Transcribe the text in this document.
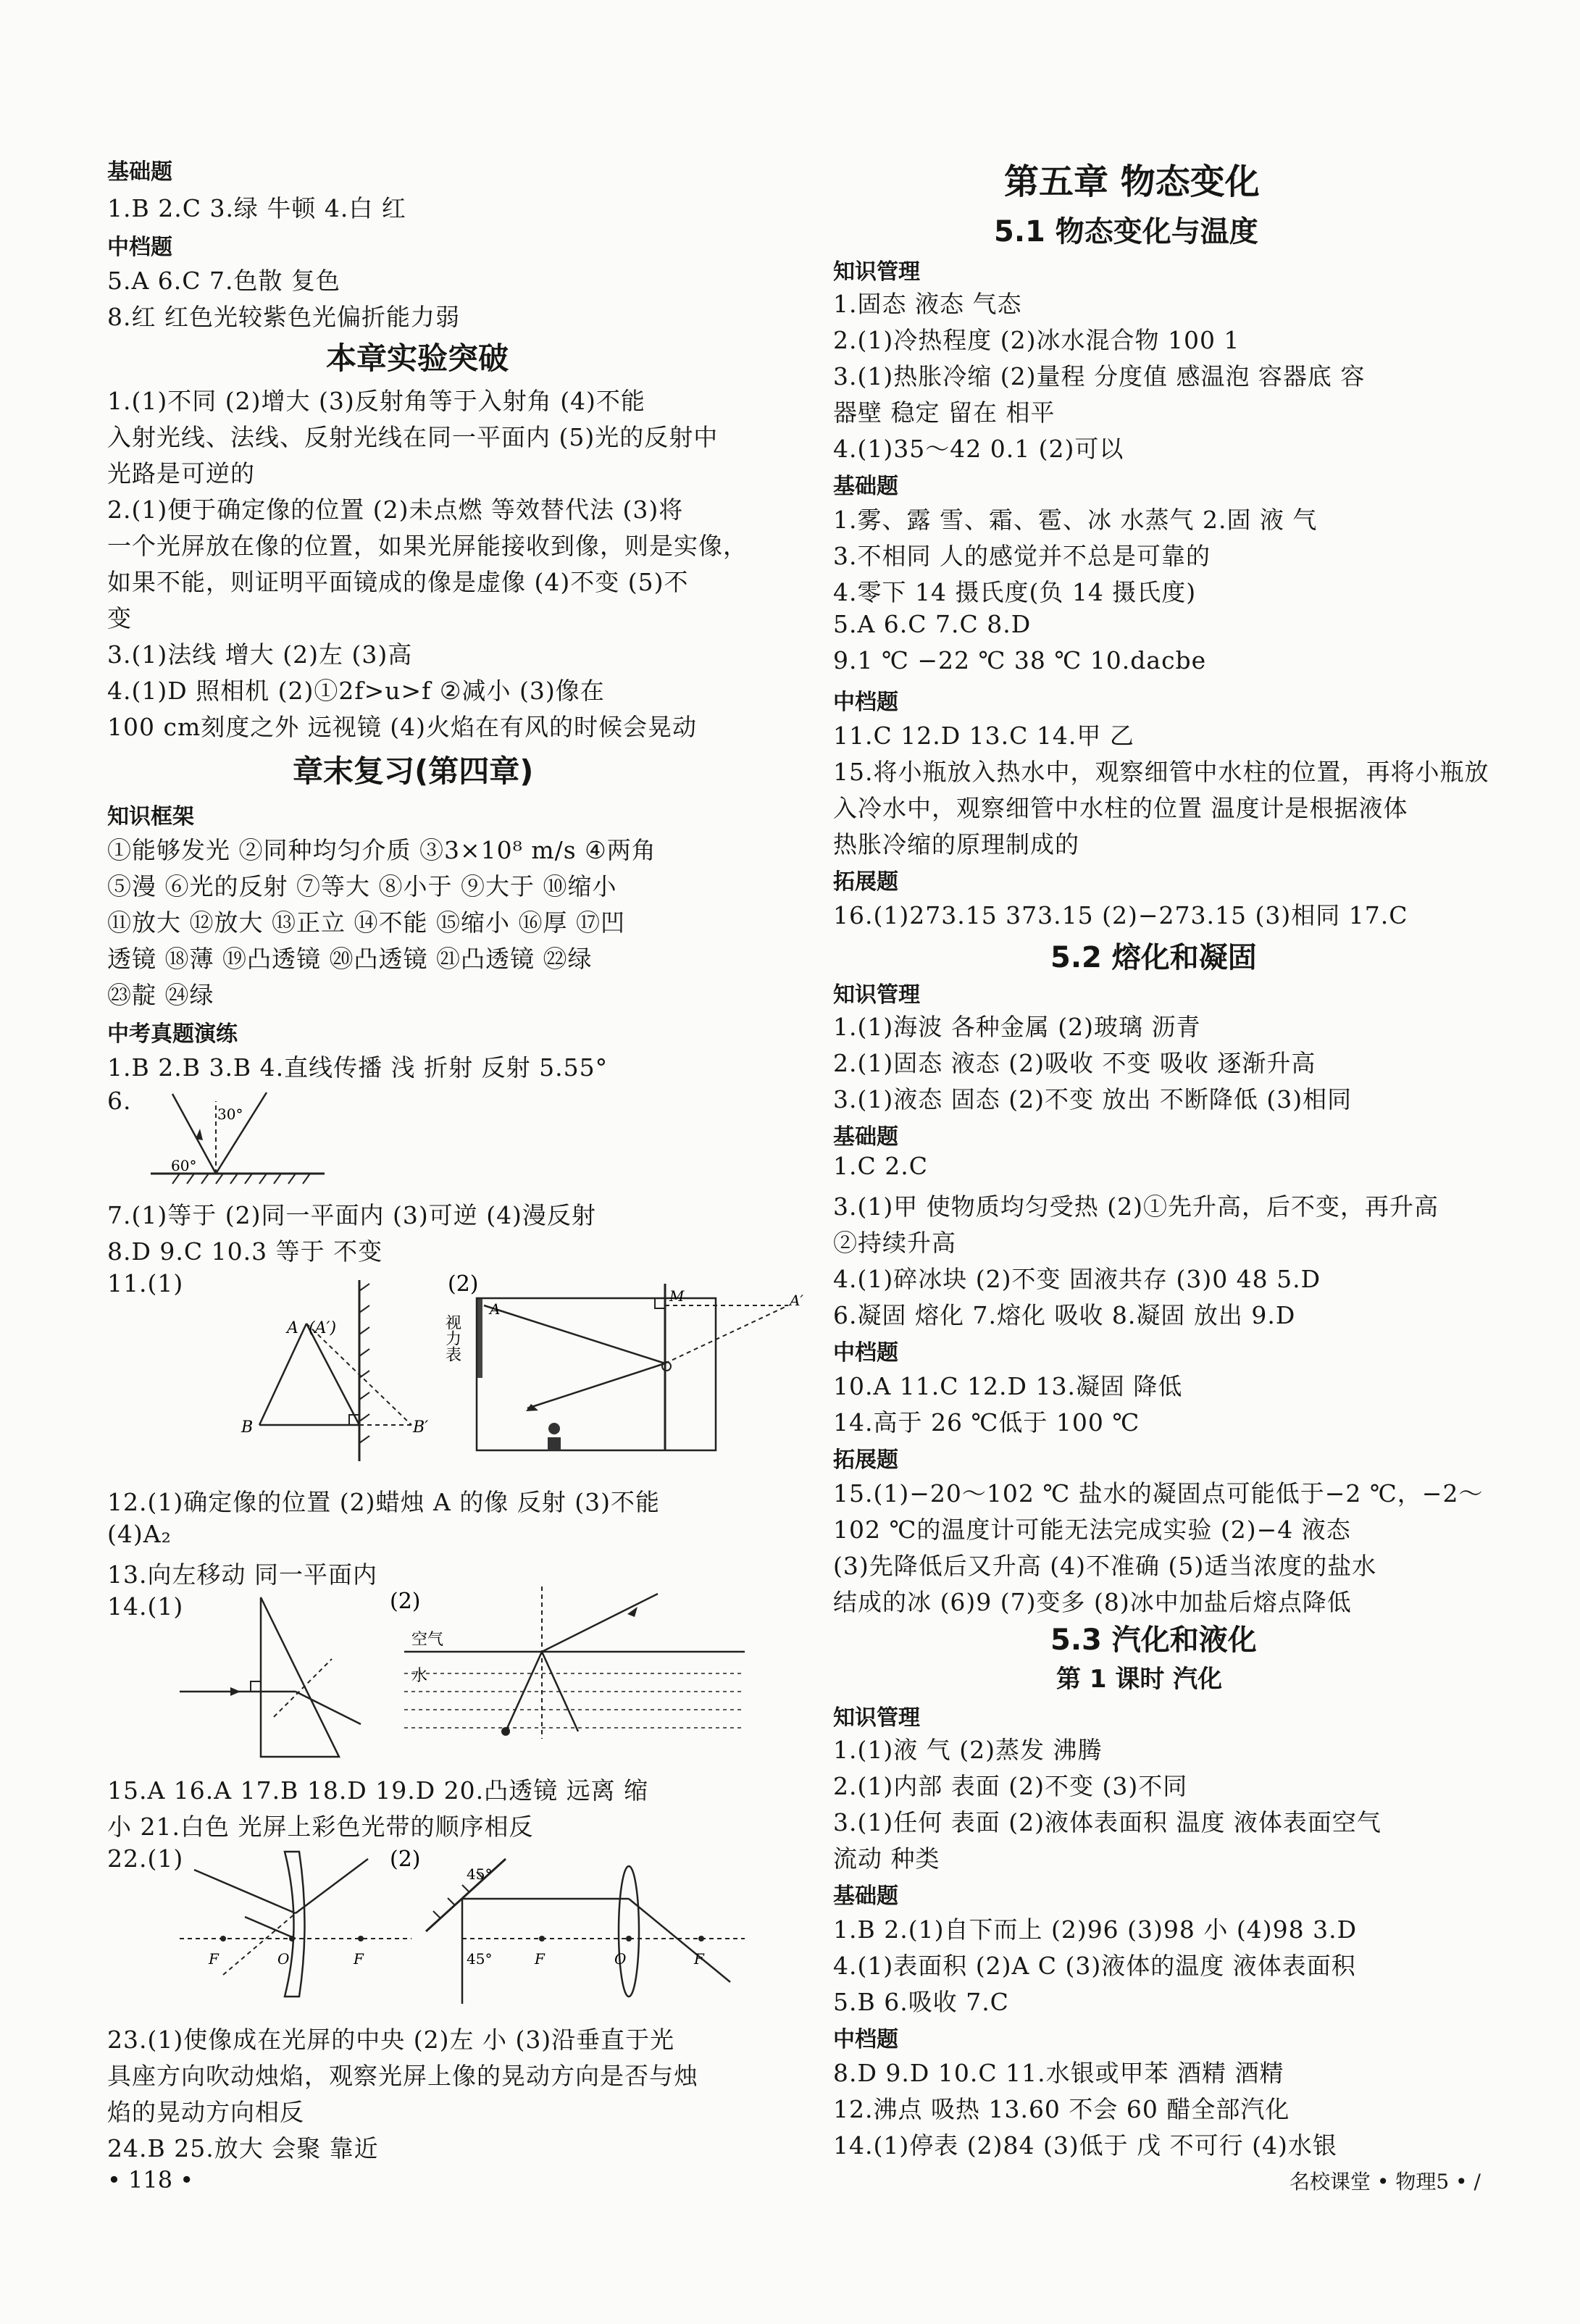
基础题
1.B 2.C 3.绿 牛顿 4.白 红
中档题
5.A 6.C 7.色散 复色
8.红 红色光较紫色光偏折能力弱
本章实验突破
1.(1)不同 (2)增大 (3)反射角等于入射角 (4)不能
入射光线、法线、反射光线在同一平面内 (5)光的反射中
光路是可逆的
2.(1)便于确定像的位置 (2)未点燃 等效替代法 (3)将
一个光屏放在像的位置，如果光屏能接收到像，则是实像，
如果不能，则证明平面镜成的像是虚像 (4)不变 (5)不
变
3.(1)法线 增大 (2)左 (3)高
4.(1)D 照相机 (2)①2f>u>f ②减小 (3)像在
100 cm刻度之外 远视镜 (4)火焰在有风的时候会晃动
章末复习(第四章)
知识框架
①能够发光 ②同种均匀介质 ③3×10⁸ m/s ④两角
⑤漫 ⑥光的反射 ⑦等大 ⑧小于 ⑨大于 ⑩缩小
⑪放大 ⑫放大 ⑬正立 ⑭不能 ⑮缩小 ⑯厚 ⑰凹
透镜 ⑱薄 ⑲凸透镜 ⑳凸透镜 ㉑凸透镜 ㉒绿
㉓靛 ㉔绿
中考真题演练
1.B 2.B 3.B 4.直线传播 浅 折射 反射 5.55°
6.	30°
60°
7.(1)等于 (2)同一平面内 (3)可逆 (4)漫反射
8.D 9.C 10.3 等于 不变
11.(1)
A (A′)
B	B′
(2)
A
M	A′
视力表
12.(1)确定像的位置 (2)蜡烛 A 的像 反射 (3)不能
(4)A₂
13.向左移动 同一平面内
14.(1)	(2)
空气
水
15.A 16.A 17.B 18.D 19.D 20.凸透镜 远离 缩
小 21.白色 光屏上彩色光带的顺序相反
22.(1)
F	O	F
(2)
45°
45°	F	O	F
23.(1)使像成在光屏的中央 (2)左 小 (3)沿垂直于光
具座方向吹动烛焰，观察光屏上像的晃动方向是否与烛
焰的晃动方向相反
24.B 25.放大 会聚 靠近
• 118 •
第五章 物态变化
5.1 物态变化与温度
知识管理
1.固态 液态 气态
2.(1)冷热程度 (2)冰水混合物 100 1
3.(1)热胀冷缩 (2)量程 分度值 感温泡 容器底 容
器壁 稳定 留在 相平
4.(1)35～42 0.1 (2)可以
基础题
1.雾、露 雪、霜、雹、冰 水蒸气 2.固 液 气
3.不相同 人的感觉并不总是可靠的
4.零下 14 摄氏度(负 14 摄氏度)
5.A 6.C 7.C 8.D
9.1 ℃ −22 ℃ 38 ℃ 10.dacbe
中档题
11.C 12.D 13.C 14.甲 乙
15.将小瓶放入热水中，观察细管中水柱的位置，再将小瓶放
入冷水中，观察细管中水柱的位置 温度计是根据液体
热胀冷缩的原理制成的
拓展题
16.(1)273.15 373.15 (2)−273.15 (3)相同 17.C
5.2 熔化和凝固
知识管理
1.(1)海波 各种金属 (2)玻璃 沥青
2.(1)固态 液态 (2)吸收 不变 吸收 逐渐升高
3.(1)液态 固态 (2)不变 放出 不断降低 (3)相同
基础题
1.C 2.C
3.(1)甲 使物质均匀受热 (2)①先升高，后不变，再升高
②持续升高
4.(1)碎冰块 (2)不变 固液共存 (3)0 48 5.D
6.凝固 熔化 7.熔化 吸收 8.凝固 放出 9.D
中档题
10.A 11.C 12.D 13.凝固 降低
14.高于 26 ℃低于 100 ℃
拓展题
15.(1)−20～102 ℃ 盐水的凝固点可能低于−2 ℃，−2～
102 ℃的温度计可能无法完成实验 (2)−4 液态
(3)先降低后又升高 (4)不准确 (5)适当浓度的盐水
结成的冰 (6)9 (7)变多 (8)冰中加盐后熔点降低
5.3 汽化和液化
第 1 课时 汽化
知识管理
1.(1)液 气 (2)蒸发 沸腾
2.(1)内部 表面 (2)不变 (3)不同
3.(1)任何 表面 (2)液体表面积 温度 液体表面空气
流动 种类
基础题
1.B 2.(1)自下而上 (2)96 (3)98 小 (4)98 3.D
4.(1)表面积 (2)A C (3)液体的温度 液体表面积
5.B 6.吸收 7.C
中档题
8.D 9.D 10.C 11.水银或甲苯 酒精 酒精
12.沸点 吸热 13.60 不会 60 醋全部汽化
14.(1)停表 (2)84 (3)低于 戊 不可行 (4)水银
名校课堂 • 物理5 • /
